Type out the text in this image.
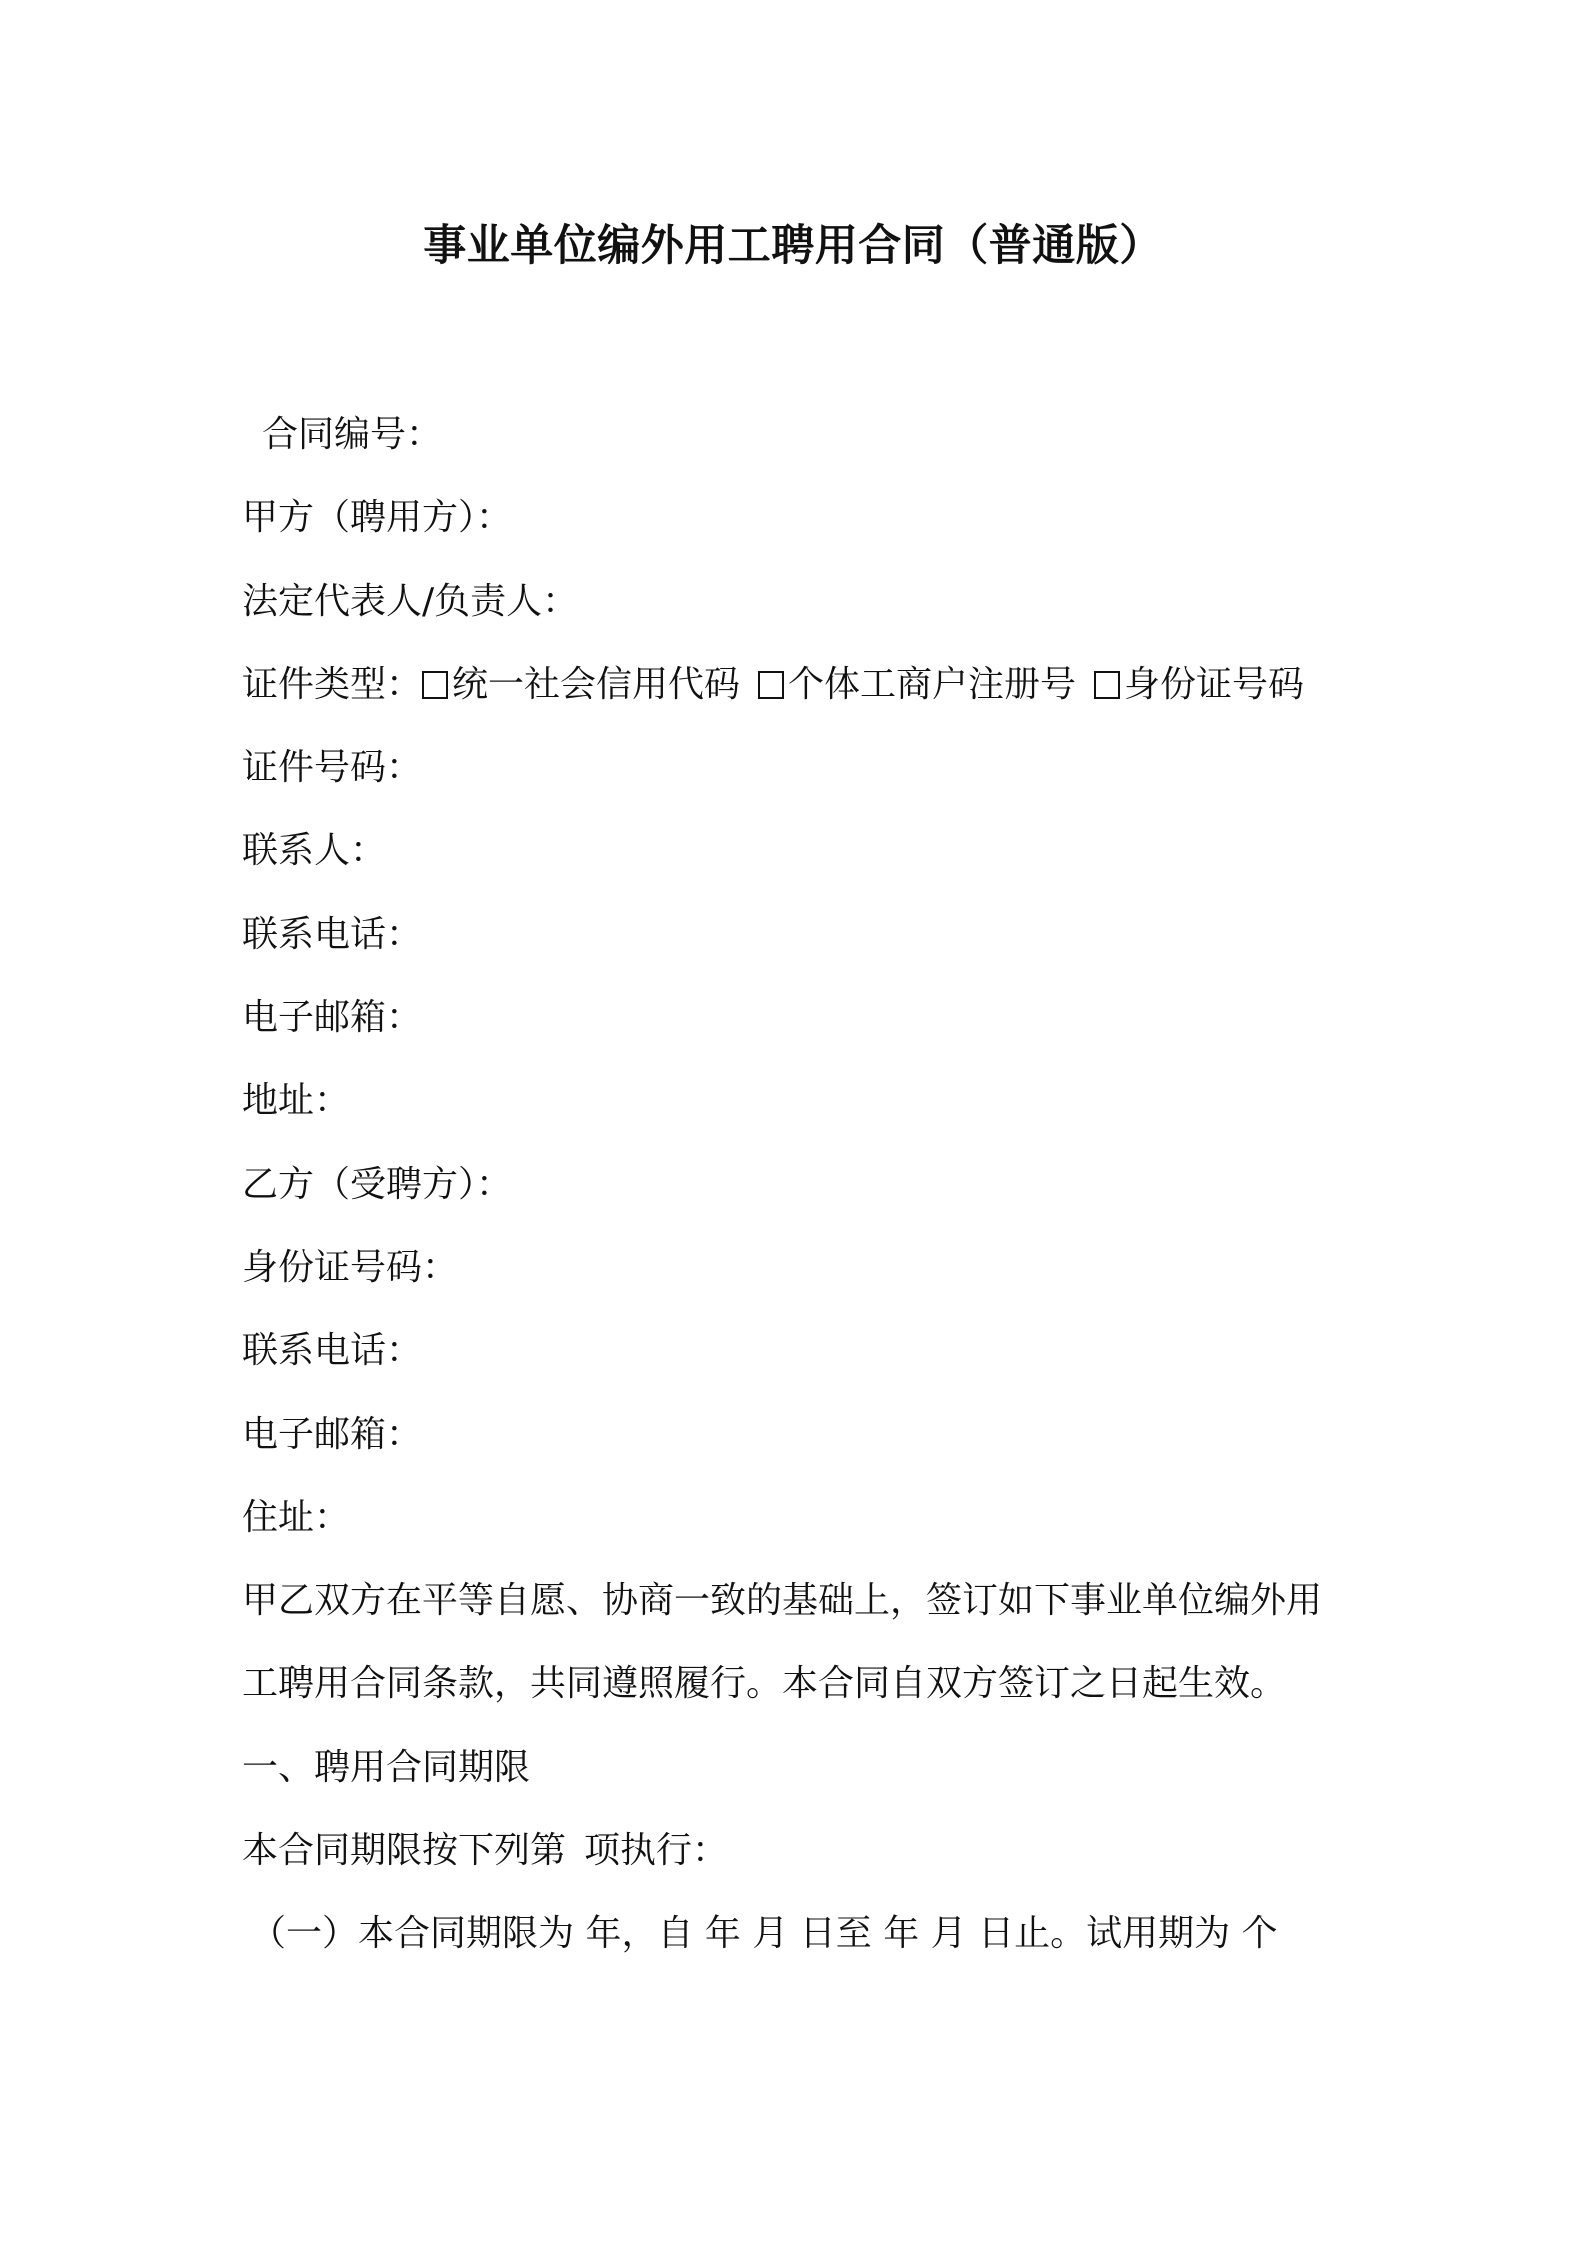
事业单位编外用工聘用合同（普通版）
合同编号：
甲方（聘用方）：
法定代表人/负责人：
证件类型： 统一社会信用代码 个体工商户注册号 身份证号码
证件号码：
联系人：
联系电话：
电子邮箱：
地址：
乙方（受聘方）：
身份证号码：
联系电话：
电子邮箱：
住址：
甲乙双方在平等自愿、协商一致的基础上，签订如下事业单位编外用
工聘用合同条款，共同遵照履行。本合同自双方签订之日起生效。
一、聘用合同期限
本合同期限按下列第 项执行：
（一）本合同期限为 年，自 年 月 日至 年 月 日止。试用期为 个
